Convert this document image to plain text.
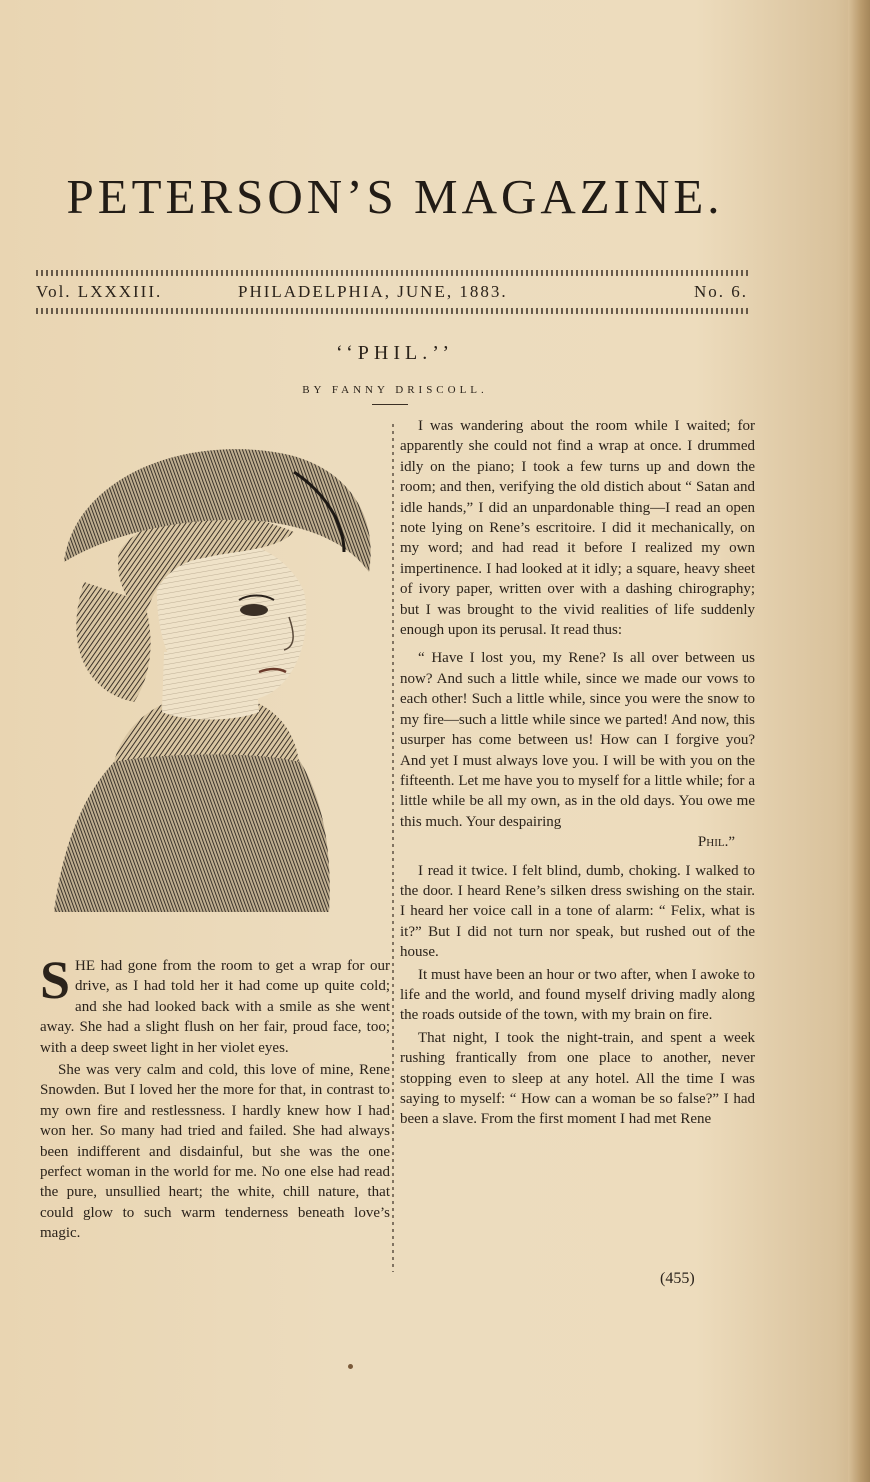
PETERSON’S MAGAZINE.
Vol. LXXXIII.	PHILADELPHIA, JUNE, 1883.	No. 6.
‘‘PHIL.’’
BY FANNY DRISCOLL.

SHE had gone from the room to get a wrap for our drive, as I had told her it had come up quite cold; and she had looked back with a smile as she went away. She had a slight flush on her fair, proud face, too; with a deep sweet light in her violet eyes.

She was very calm and cold, this love of mine, Rene Snowden. But I loved her the more for that, in contrast to my own fire and restlessness. I hardly knew how I had won her. So many had tried and failed. She had always been indifferent and disdainful, but she was the one perfect woman in the world for me. No one else had read the pure, unsullied heart; the white, chill nature, that could glow to such warm tenderness beneath love’s magic.

I was wandering about the room while I waited; for apparently she could not find a wrap at once. I drummed idly on the piano; I took a few turns up and down the room; and then, verifying the old distich about “ Satan and idle hands,” I did an unpardonable thing—I read an open note lying on Rene’s escritoire. I did it mechanically, on my word; and had read it before I realized my own impertinence. I had looked at it idly; a square, heavy sheet of ivory paper, written over with a dashing chirography; but I was brought to the vivid realities of life suddenly enough upon its perusal. It read thus:

“ Have I lost you, my Rene? Is all over between us now? And such a little while, since we made our vows to each other! Such a little while, since you were the snow to my fire—such a little while since we parted! And now, this usurper has come between us! How can I forgive you? And yet I must always love you. I will be with you on the fifteenth. Let me have you to myself for a little while; for a little while be all my own, as in the old days. You owe me this much. Your despairing

Phil.”

I read it twice. I felt blind, dumb, choking. I walked to the door. I heard Rene’s silken dress swishing on the stair. I heard her voice call in a tone of alarm: “ Felix, what is it?” But I did not turn nor speak, but rushed out of the house.

It must have been an hour or two after, when I awoke to life and the world, and found myself driving madly along the roads outside of the town, with my brain on fire.

That night, I took the night-train, and spent a week rushing frantically from one place to another, never stopping even to sleep at any hotel. All the time I was saying to myself: “ How can a woman be so false?” I had been a slave. From the first moment I had met Rene

(455)
